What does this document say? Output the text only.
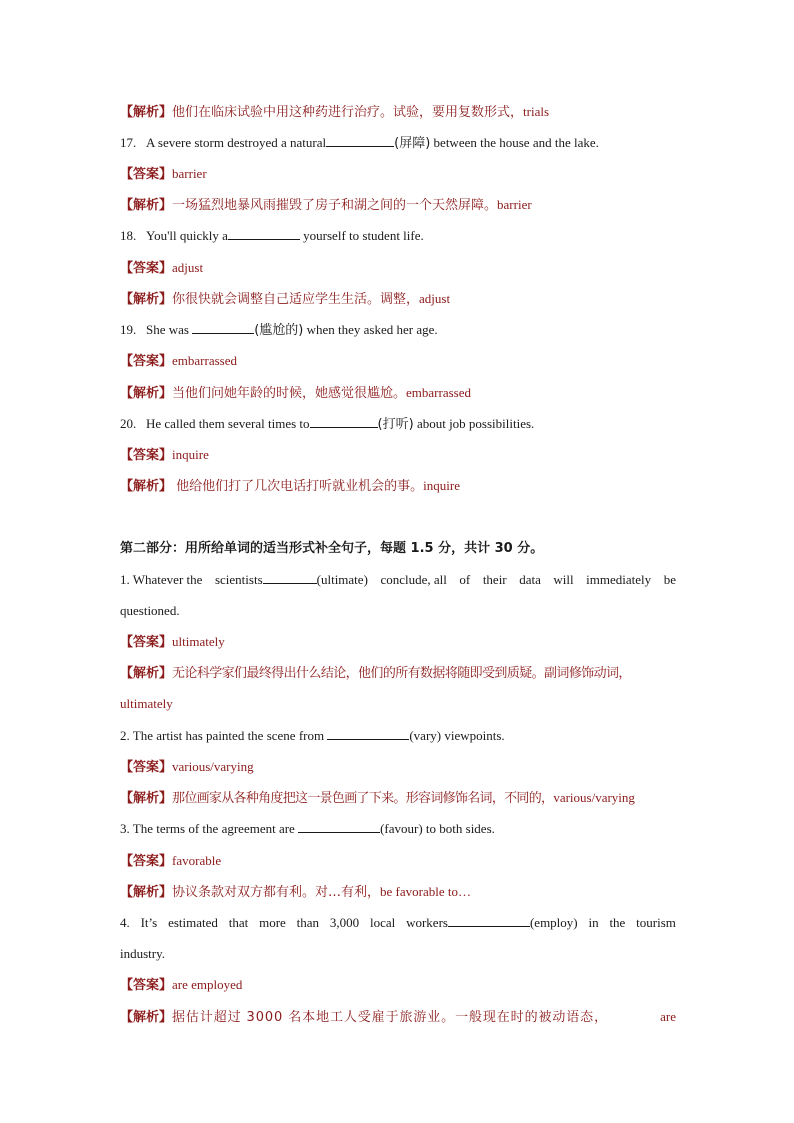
【解析】他们在临床试验中用这种药进行治疗。试验，要用复数形式，trials
17. A severe storm destroyed a natural	(屏障) between the house and the lake.
【答案】barrier
【解析】一场猛烈地暴风雨摧毁了房子和湖之间的一个天然屏障。barrier
18. You'll quickly a	yourself to student life.
【答案】adjust
【解析】你很快就会调整自己适应学生生活。调整，adjust
19. She was	(尴尬的) when they asked her age.
【答案】embarrassed
【解析】当他们问她年龄的时候，她感觉很尴尬。embarrassed
20. He called them several times to	(打听) about job possibilities.
【答案】inquire
【解析】 他给他们打了几次电话打听就业机会的事。inquire
第二部分：用所给单词的适当形式补全句子，每题 1.5 分，共计 30 分。
1. Whatever the scientists	(ultimate) conclude, all of their data will immediately be
questioned.
【答案】ultimately
【解析】无论科学家们最终得出什么结论，他们的所有数据将随即受到质疑。副词修饰动词，
ultimately
2. The artist has painted the scene from	(vary) viewpoints.
【答案】various/varying
【解析】那位画家从各种角度把这一景色画了下来。形容词修饰名词，不同的，various/varying
3. The terms of the agreement are	(favour) to both sides.
【答案】favorable
【解析】协议条款对双方都有利。对…有利，be favorable to…
4. It’s estimated that more than 3,000 local workers	(employ) in the tourism
industry.
【答案】are employed
【解析】据估计超过 3000 名本地工人受雇于旅游业。一般现在时的被动语态，	are
